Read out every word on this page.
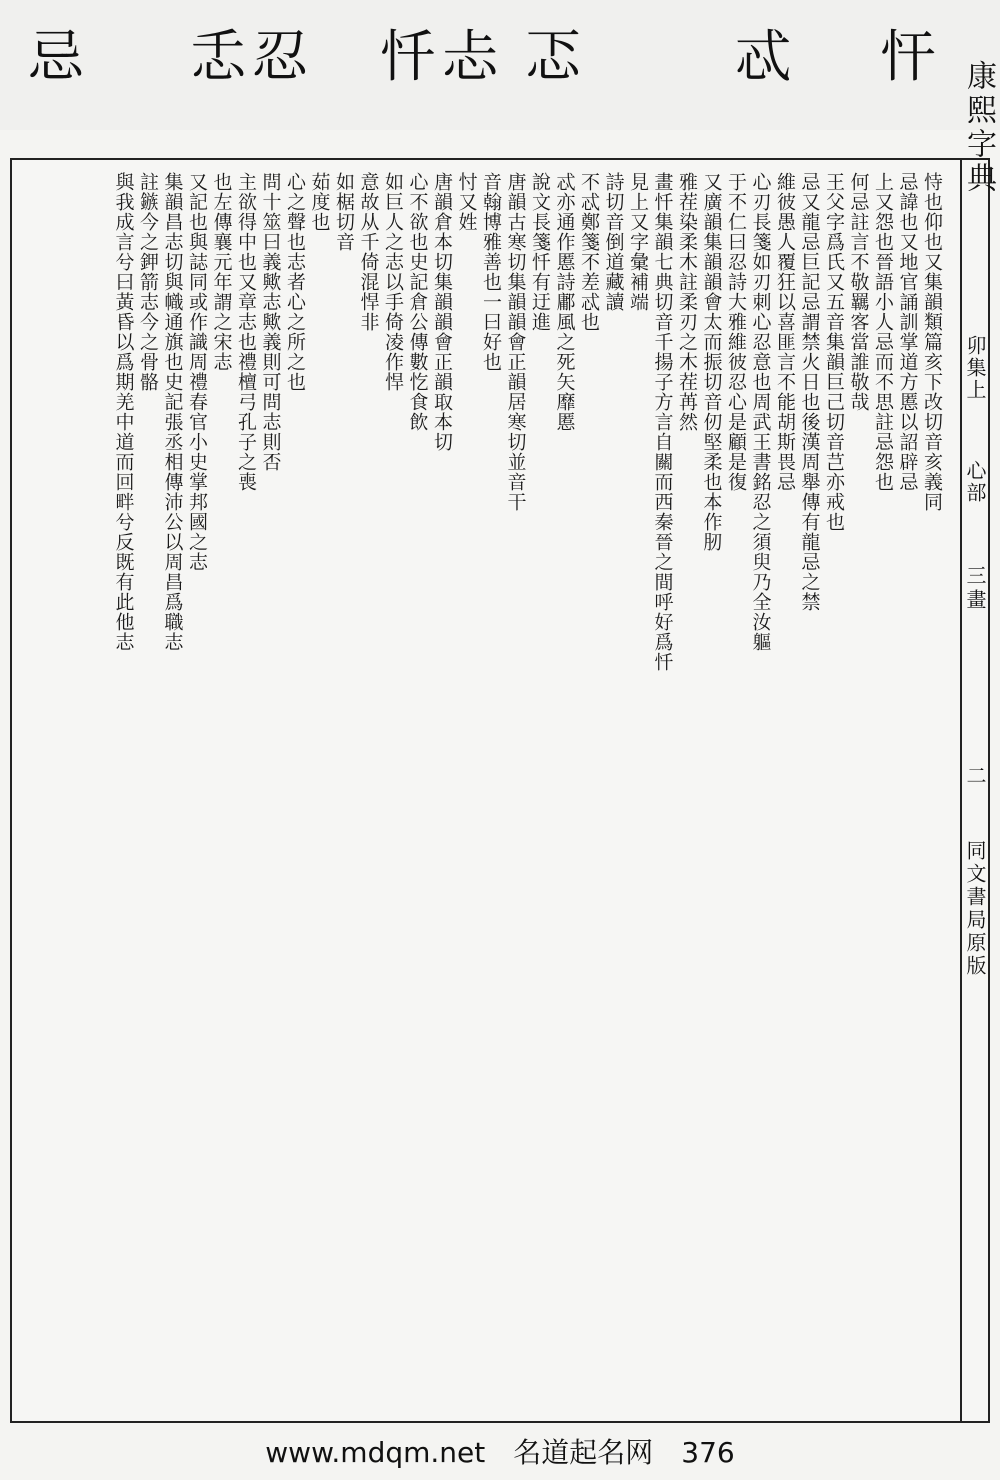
忌 忎忍 忏忐 忑	忒 忓
康熙字典
卯集上
心部
三畫
二
同文書局原版
恃也仰也又集韻類篇亥下改切音亥義同
忌諱也又地官誦訓掌道方慝以詔辟忌
上又怨也晉語小人忌而不思註忌怨也
何忌註言不敬羈客當誰敬哉
王父字爲氏又五音集韻巨己切音芑亦戒也
忌又龍忌巨記忌謂禁火日也後漢周舉傳有龍忌之禁
維彼愚人覆狂以喜匪言不能胡斯畏忌
心刃長箋如刃刺心忍意也周武王書銘忍之須臾乃全汝軀
于不仁曰忍詩大雅維彼忍心是顧是復
又廣韻集韻韻會太而振切音仞堅柔也本作肕
雅茬染柔木註柔刃之木茬苒然
畫忏集韻七典切音千揚子方言自關而西秦晉之間呼好爲忏
見上又字彙補端
詩切音倒道藏讀
不忒鄭箋不差忒也
忒亦通作慝詩鄘風之死矢靡慝
說文長箋忏有迂進
唐韻古寒切集韻韻會正韻居寒切並音干
音翰博雅善也一曰好也
忖又姓
唐韻倉本切集韻韻會正韻取本切
心不欲也史記倉公傳數忔食飲
如巨人之志以手倚凌作悍
意故从千倚混悍非
如椐切音
茹度也
心之聲也志者心之所之也
問十筮曰義歟志歟義則可問志則否
主欲得中也又章志也禮檀弓孔子之喪
也左傳襄元年謂之宋志
又記也與誌同或作識周禮春官小史掌邦國之志
集韻昌志切與幟通旗也史記張丞相傳沛公以周昌爲職志
註鏃今之鉀箭志今之骨骼
與我成言兮曰黃昏以爲期羌中道而回畔兮反既有此他志
www.mdqm.net 名道起名网 376
